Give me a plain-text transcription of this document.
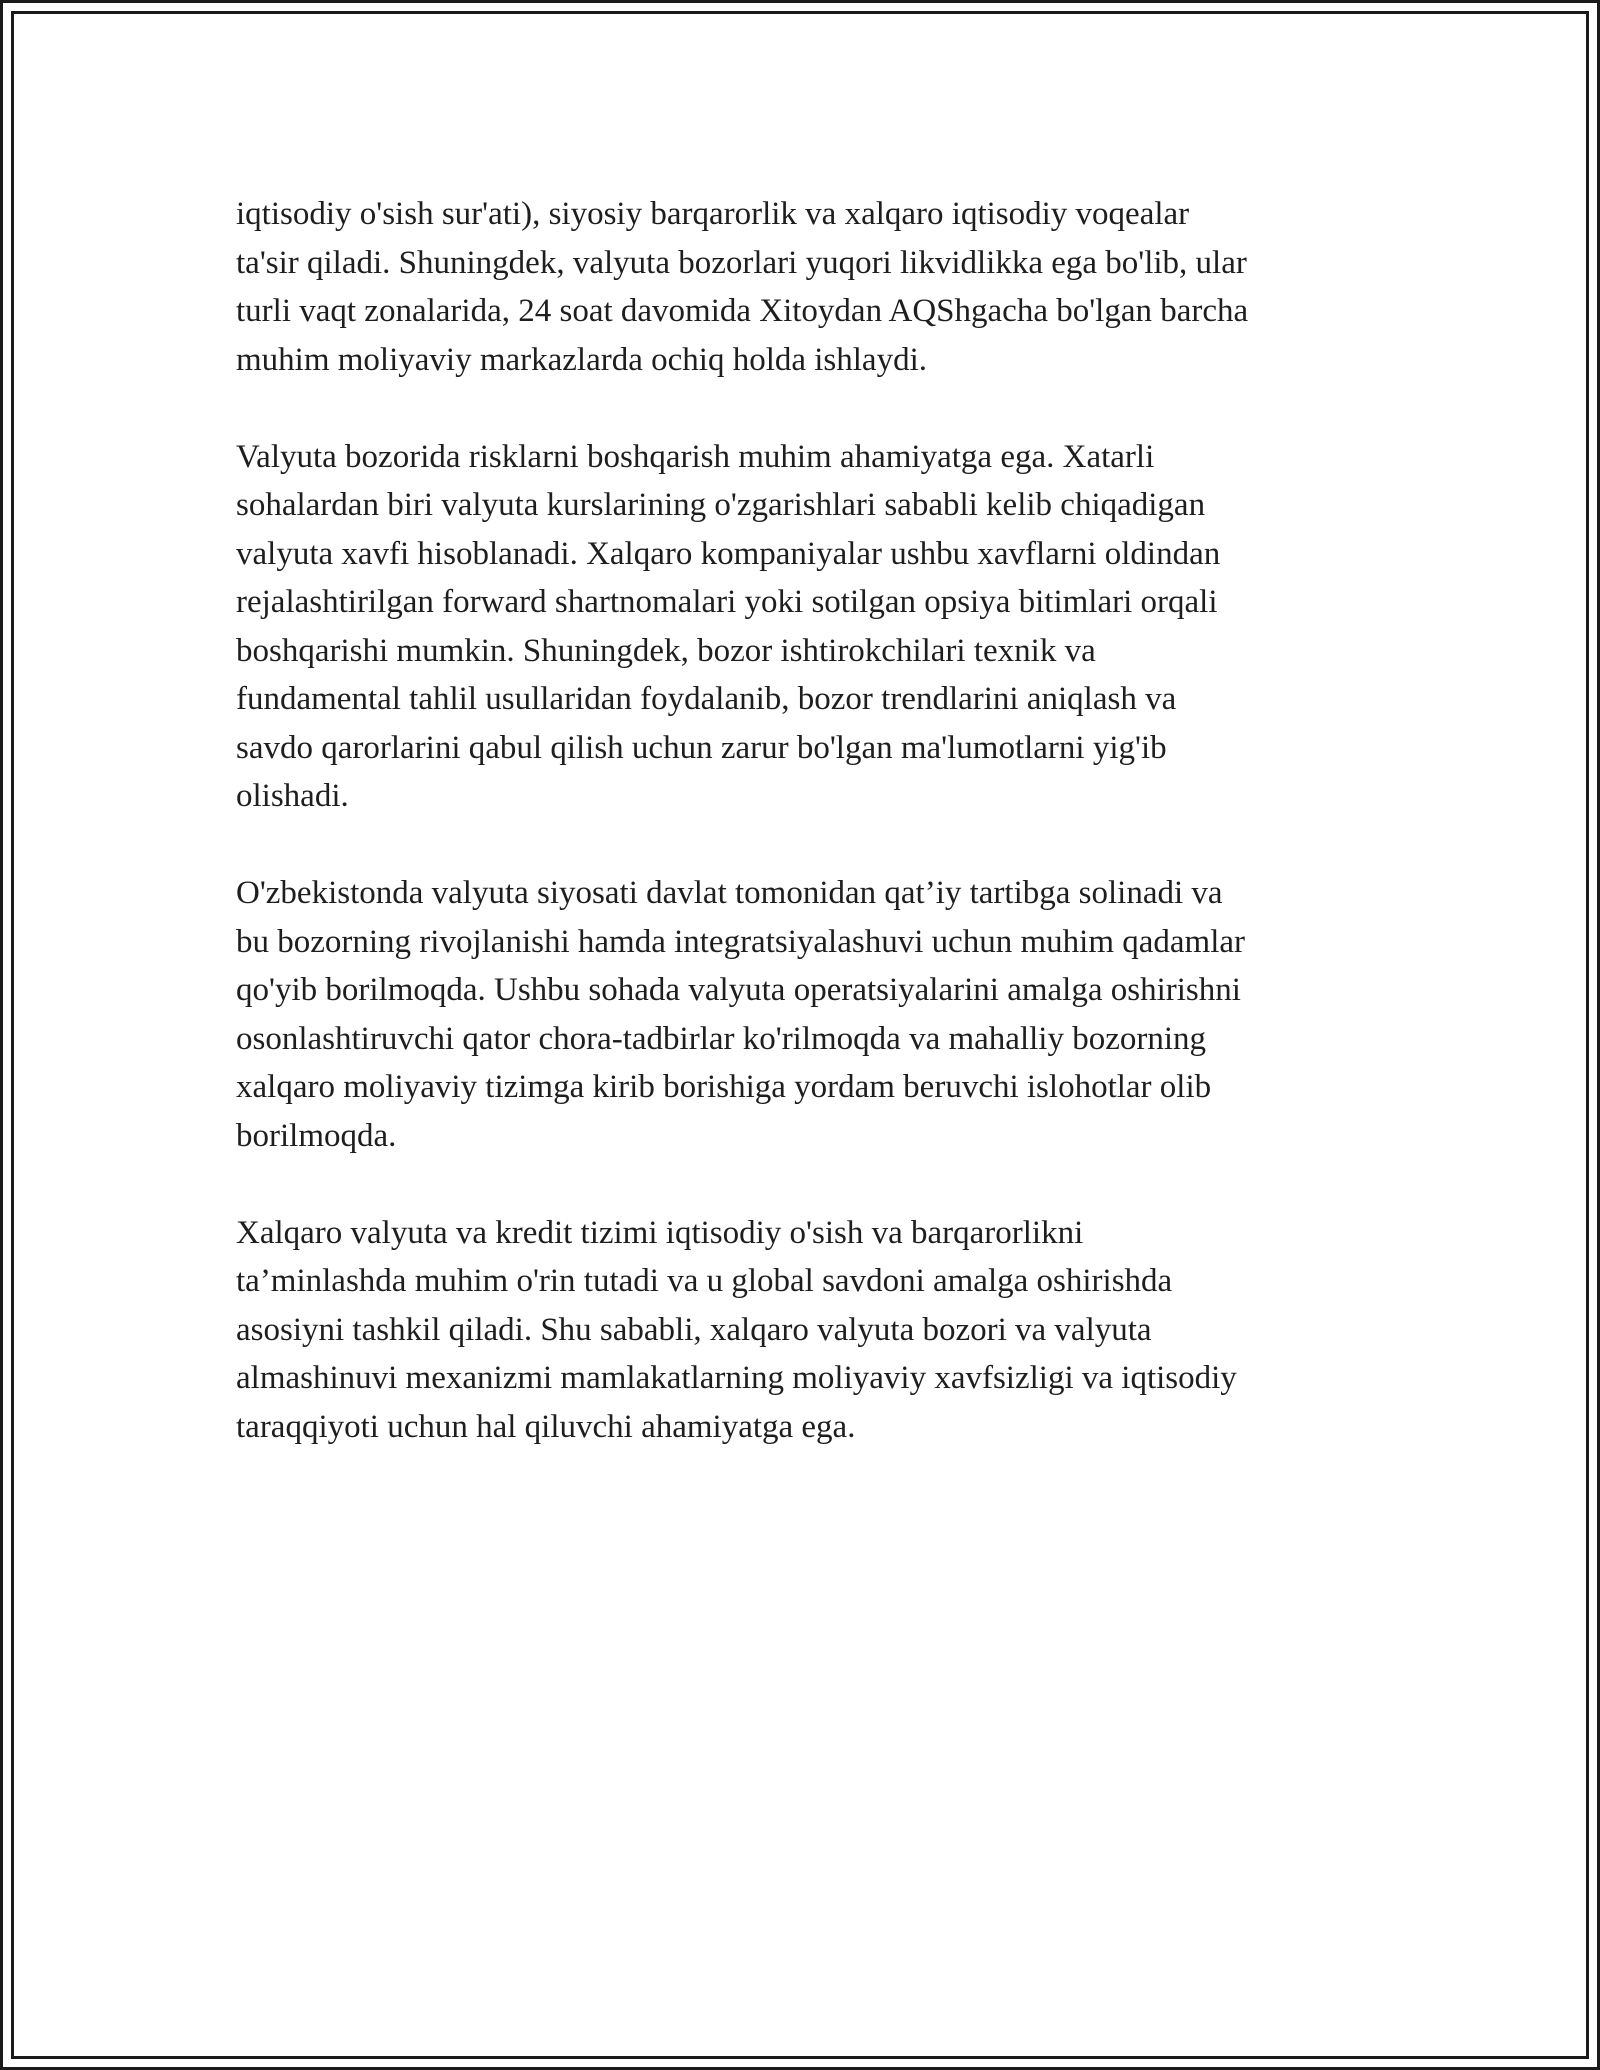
iqtisodiy o'sish sur'ati), siyosiy barqarorlik va xalqaro iqtisodiy voqealar
ta'sir qiladi. Shuningdek, valyuta bozorlari yuqori likvidlikka ega bo'lib, ular
turli vaqt zonalarida, 24 soat davomida Xitoydan AQShgacha bo'lgan barcha
muhim moliyaviy markazlarda ochiq holda ishlaydi.

Valyuta bozorida risklarni boshqarish muhim ahamiyatga ega. Xatarli
sohalardan biri valyuta kurslarining o'zgarishlari sababli kelib chiqadigan
valyuta xavfi hisoblanadi. Xalqaro kompaniyalar ushbu xavflarni oldindan
rejalashtirilgan forward shartnomalari yoki sotilgan opsiya bitimlari orqali
boshqarishi mumkin. Shuningdek, bozor ishtirokchilari texnik va
fundamental tahlil usullaridan foydalanib, bozor trendlarini aniqlash va
savdo qarorlarini qabul qilish uchun zarur bo'lgan ma'lumotlarni yig'ib
olishadi.

O'zbekistonda valyuta siyosati davlat tomonidan qat’iy tartibga solinadi va
bu bozorning rivojlanishi hamda integratsiyalashuvi uchun muhim qadamlar
qo'yib borilmoqda. Ushbu sohada valyuta operatsiyalarini amalga oshirishni
osonlashtiruvchi qator chora-tadbirlar ko'rilmoqda va mahalliy bozorning
xalqaro moliyaviy tizimga kirib borishiga yordam beruvchi islohotlar olib
borilmoqda.

Xalqaro valyuta va kredit tizimi iqtisodiy o'sish va barqarorlikni
ta’minlashda muhim o'rin tutadi va u global savdoni amalga oshirishda
asosiyni tashkil qiladi. Shu sababli, xalqaro valyuta bozori va valyuta
almashinuvi mexanizmi mamlakatlarning moliyaviy xavfsizligi va iqtisodiy
taraqqiyoti uchun hal qiluvchi ahamiyatga ega.
